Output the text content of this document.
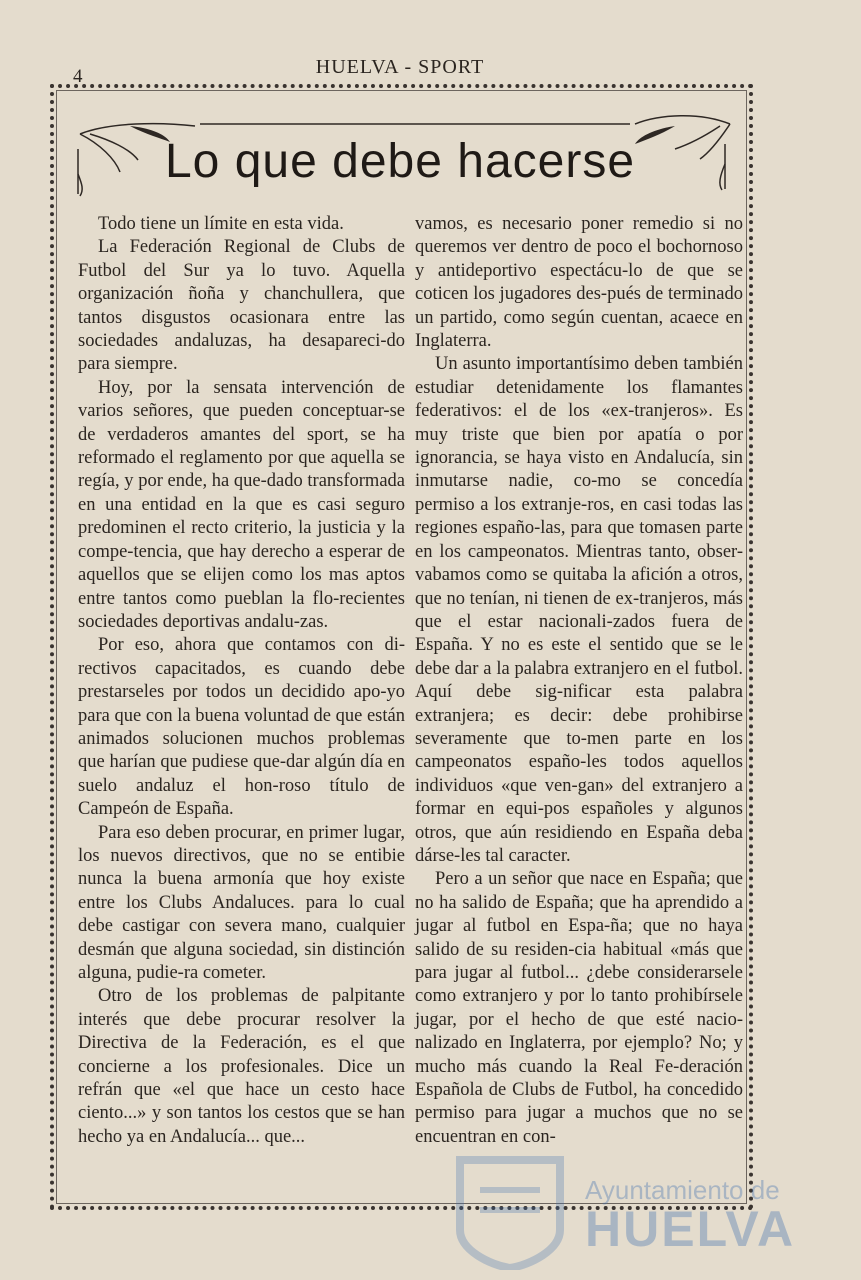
4	HUELVA - SPORT
Lo que debe hacerse

Todo tiene un límite en esta vida.

La Federación Regional de Clubs de Futbol del Sur ya lo tuvo. Aquella organización ñoña y chanchullera, que tantos disgustos ocasionara entre las sociedades andaluzas, ha desapareci-do para siempre.

Hoy, por la sensata intervención de varios señores, que pueden conceptuar-se de verdaderos amantes del sport, se ha reformado el reglamento por que aquella se regía, y por ende, ha que-dado transformada en una entidad en la que es casi seguro predominen el recto criterio, la justicia y la compe-tencia, que hay derecho a esperar de aquellos que se elijen como los mas aptos entre tantos como pueblan la flo-recientes sociedades deportivas andalu-zas.

Por eso, ahora que contamos con di-rectivos capacitados, es cuando debe prestarseles por todos un decidido apo-yo para que con la buena voluntad de que están animados solucionen muchos problemas que harían que pudiese que-dar algún día en suelo andaluz el hon-roso título de Campeón de España.

Para eso deben procurar, en primer lugar, los nuevos directivos, que no se entibie nunca la buena armonía que hoy existe entre los Clubs Andaluces. para lo cual debe castigar con severa mano, cualquier desmán que alguna sociedad, sin distinción alguna, pudie-ra cometer.

Otro de los problemas de palpitante interés que debe procurar resolver la Directiva de la Federación, es el que concierne a los profesionales. Dice un refrán que «el que hace un cesto hace ciento...» y son tantos los cestos que se han hecho ya en Andalucía... que...

vamos, es necesario poner remedio si no queremos ver dentro de poco el bochornoso y antideportivo espectácu-lo de que se coticen los jugadores des-pués de terminado un partido, como según cuentan, acaece en Inglaterra.

Un asunto importantísimo deben también estudiar detenidamente los flamantes federativos: el de los «ex-tranjeros». Es muy triste que bien por apatía o por ignorancia, se haya visto en Andalucía, sin inmutarse nadie, co-mo se concedía permiso a los extranje-ros, en casi todas las regiones españo-las, para que tomasen parte en los campeonatos. Mientras tanto, obser-vabamos como se quitaba la afición a otros, que no tenían, ni tienen de ex-tranjeros, más que el estar nacionali-zados fuera de España. Y no es este el sentido que se le debe dar a la palabra extranjero en el futbol. Aquí debe sig-nificar esta palabra extranjera; es decir: debe prohibirse severamente que to-men parte en los campeonatos españo-les todos aquellos individuos «que ven-gan» del extranjero a formar en equi-pos españoles y algunos otros, que aún residiendo en España deba dárse-les tal caracter.

Pero a un señor que nace en España; que no ha salido de España; que ha aprendido a jugar al futbol en Espa-ña; que no haya salido de su residen-cia habitual «más que para jugar al futbol... ¿debe considerarsele como extranjero y por lo tanto prohibírsele jugar, por el hecho de que esté nacio-nalizado en Inglaterra, por ejemplo? No; y mucho más cuando la Real Fe-deración Española de Clubs de Futbol, ha concedido permiso para jugar a muchos que no se encuentran en con-

Ayuntamiento de
HUELVA
